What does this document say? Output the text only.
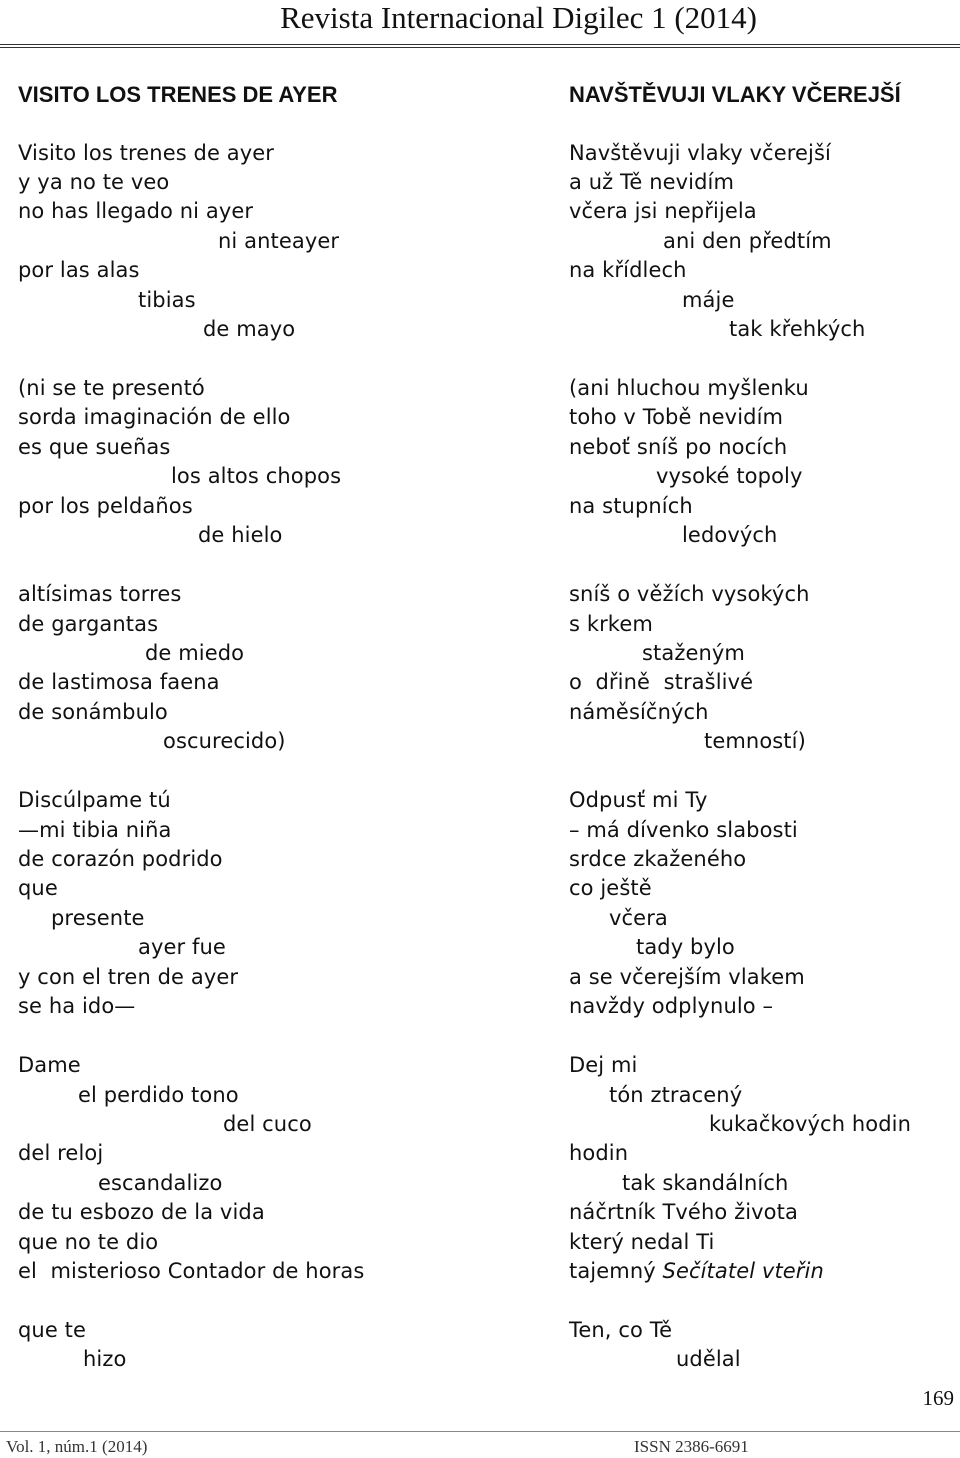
Revista Internacional Digilec 1 (2014)
VISITO LOS TRENES DE AYER
Visito los trenes de ayer
y ya no te veo
no has llegado ni ayer
ni anteayer
por las alas
tibias
de mayo
(ni se te presentó
sorda imaginación de ello
es que sueñas
los altos chopos
por los peldaños
de hielo
altísimas torres
de gargantas
de miedo
de lastimosa faena
de sonámbulo
oscurecido)
Discúlpame tú
—mi tibia niña
de corazón podrido
que
presente
ayer fue
y con el tren de ayer
se ha ido—
Dame
el perdido tono
del cuco
del reloj
escandalizo
de tu esbozo de la vida
que no te dio
el  misterioso Contador de horas
que te
hizo
NAVŠTĚVUJI VLAKY VČEREJŠÍ
Navštěvuji vlaky včerejší
a už Tě nevidím
včera jsi nepřijela
ani den předtím
na křídlech
máje
tak křehkých
(ani hluchou myšlenku
toho v Tobě nevidím
neboť sníš po nocích
vysoké topoly
na stupních
ledových
sníš o věžích vysokých
s krkem
staženým
o  dřině  strašlivé
náměsíčných
temností)
Odpusť mi Ty
– má dívenko slabosti
srdce zkaženého
co ještě
včera
tady bylo
a se včerejším vlakem
navždy odplynulo –
Dej mi
tón ztracený
kukačkových hodin
hodin
tak skandálních
náčrtník Tvého života
který nedal Ti
tajemný Sečítatel vteřin
Ten, co Tě
udělal
169
Vol. 1, núm.1 (2014)	ISSN 2386-6691
